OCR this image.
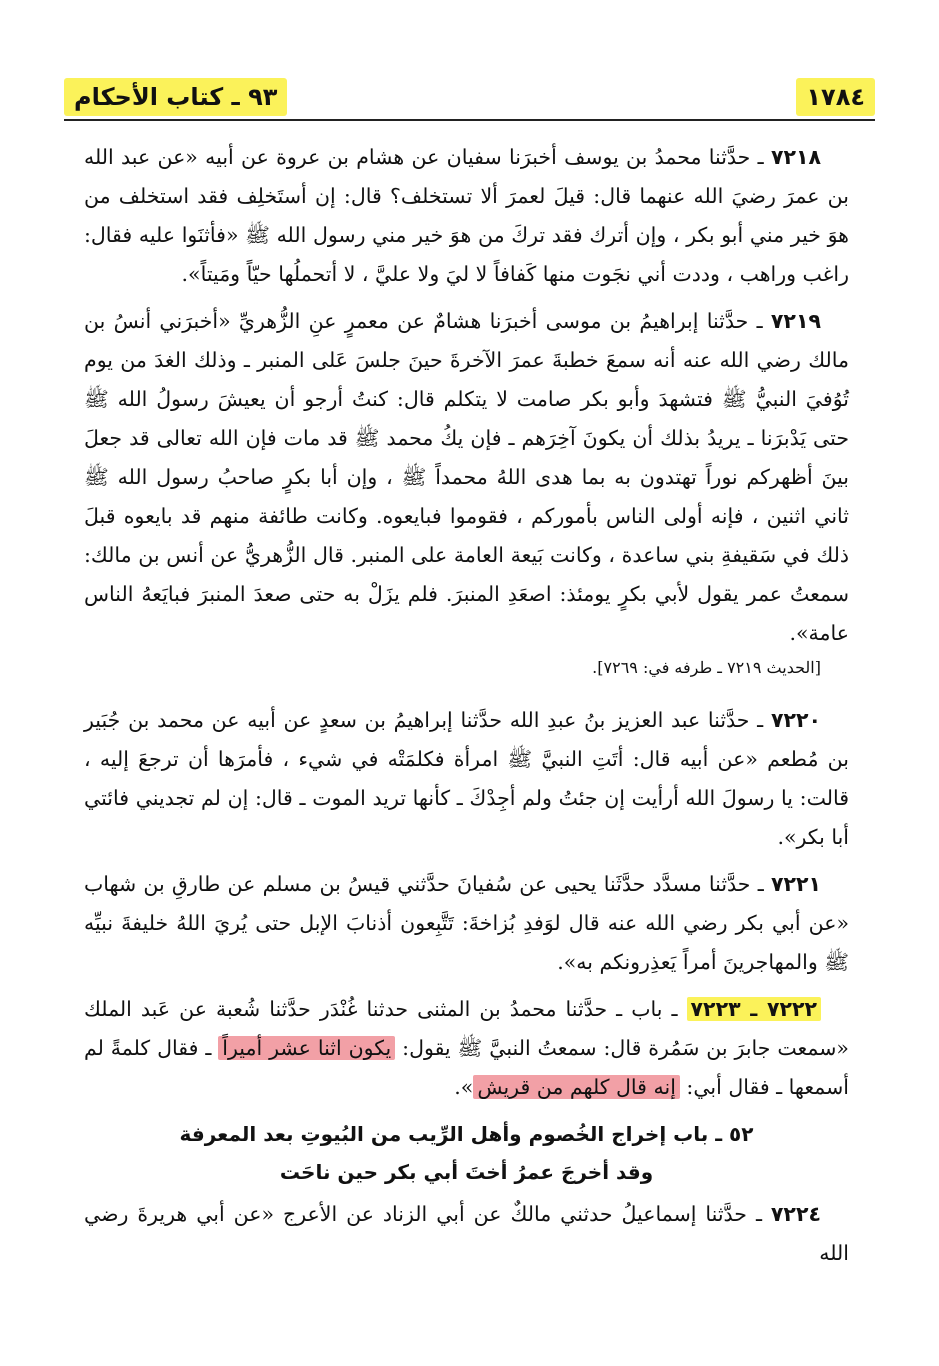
١٧٨٤
٩٣ ـ كتاب الأحكام

٧٢١٨ ـ حدَّثنا محمدُ بن يوسف أخبرَنا سفيان عن هشام بن عروة عن أبيه «عن عبد الله بن عمرَ رضيَ الله عنهما قال: قيلَ لعمرَ ألا تستخلف؟ قال: إن أستَخلِف فقد استخلف من هوَ خير مني أبو بكر ، وإن أترك فقد تركَ من هوَ خير مني رسول الله ﷺ «فأثنَوا عليه فقال: راغب وراهب ، وددت أني نجَوت منها كَفافاً لا ليَ ولا عليَّ ، لا أتحملُها حيّاً ومَيتاً».

٧٢١٩ ـ حدَّثنا إبراهيمُ بن موسى أخبرَنا هشامٌ عن معمرٍ عنِ الزُّهريِّ «أخبرَني أنسُ بن مالك رضي الله عنه أنه سمعَ خطبةَ عمرَ الآخرةَ حينَ جلسَ عَلى المنبر ـ وذلك الغدَ من يوم تُوُفيَ النبيُّ ﷺ فتشهدَ وأبو بكر صامت لا يتكلم قال: كنتُ أرجو أن يعيشَ رسولُ الله ﷺ حتى يَدْبرَنا ـ يريدُ بذلك أن يكونَ آخِرَهم ـ فإن يكُ محمد ﷺ قد مات فإن الله تعالى قد جعلَ بينَ أظهركم نوراً تهتدون به بما هدى اللهُ محمداً ﷺ ، وإن أبا بكرٍ صاحبُ رسول الله ﷺ ثاني اثنين ، فإنه أولى الناس بأموركم ، فقوموا فبايعوه. وكانت طائفة منهم قد بايعوه قبلَ ذلك في سَقيفةِ بني ساعدة ، وكانت بَيعة العامة على المنبر. قال الزُّهريُّ عن أنس بن مالك: سمعتُ عمر يقول لأبي بكرٍ يومئذ: اصعَدِ المنبرَ. فلم يزَلْ به حتى صعدَ المنبرَ فبايَعهُ الناس عامة».

[الحديث ٧٢١٩ ـ طرفه في: ٧٢٦٩].

٧٢٢٠ ـ حدَّثنا عبد العزيز بنُ عبدِ الله حدَّثنا إبراهيمُ بن سعدٍ عن أبيه عن محمد بن جُبَير بن مُطعم «عن أبيه قال: أتَتِ النبيَّ ﷺ امرأة فكلمَتْه في شيء ، فأمرَها أن ترجعَ إليه ، قالت: يا رسولَ الله أرأيت إن جئتُ ولم أجِدْكَ ـ كأنها تريد الموت ـ قال: إن لم تجديني فائتي أبا بكر».

٧٢٢١ ـ حدَّثنا مسدَّد حدَّثَنا يحيى عن سُفيانَ حدَّثني قيسُ بن مسلم عن طارقِ بن شهاب «عن أبي بكر رضي الله عنه قال لوَفدِ بُزاخةَ: تَتَّبِعون أذنابَ الإبل حتى يُريَ اللهُ خليفةَ نبيِّه ﷺ والمهاجرينَ أمراً يَعذِرونكم به».

٧٢٢٢ ـ ٧٢٢٣ ـ باب ـ حدَّثنا محمدُ بن المثنى حدثنا غُنْدَر حدَّثنا شُعبة عن عَبد الملك «سمعت جابرَ بن سَمُرة قال: سمعتُ النبيَّ ﷺ يقول: يكون اثنا عشر أميراً ـ فقال كلمةً لم أسمعها ـ فقال أبي: إنه قال كلهم من قريش».

٥٢ ـ باب إخراج الخُصوم وأهل الرِّيب من البُيوتِ بعد المعرفة
وقد أخرجَ عمرُ أختَ أبي بكر حين ناحَت

٧٢٢٤ ـ حدَّثنا إسماعيلُ حدثني مالكٌ عن أبي الزناد عن الأعرج «عن أبي هريرةَ رضي الله
